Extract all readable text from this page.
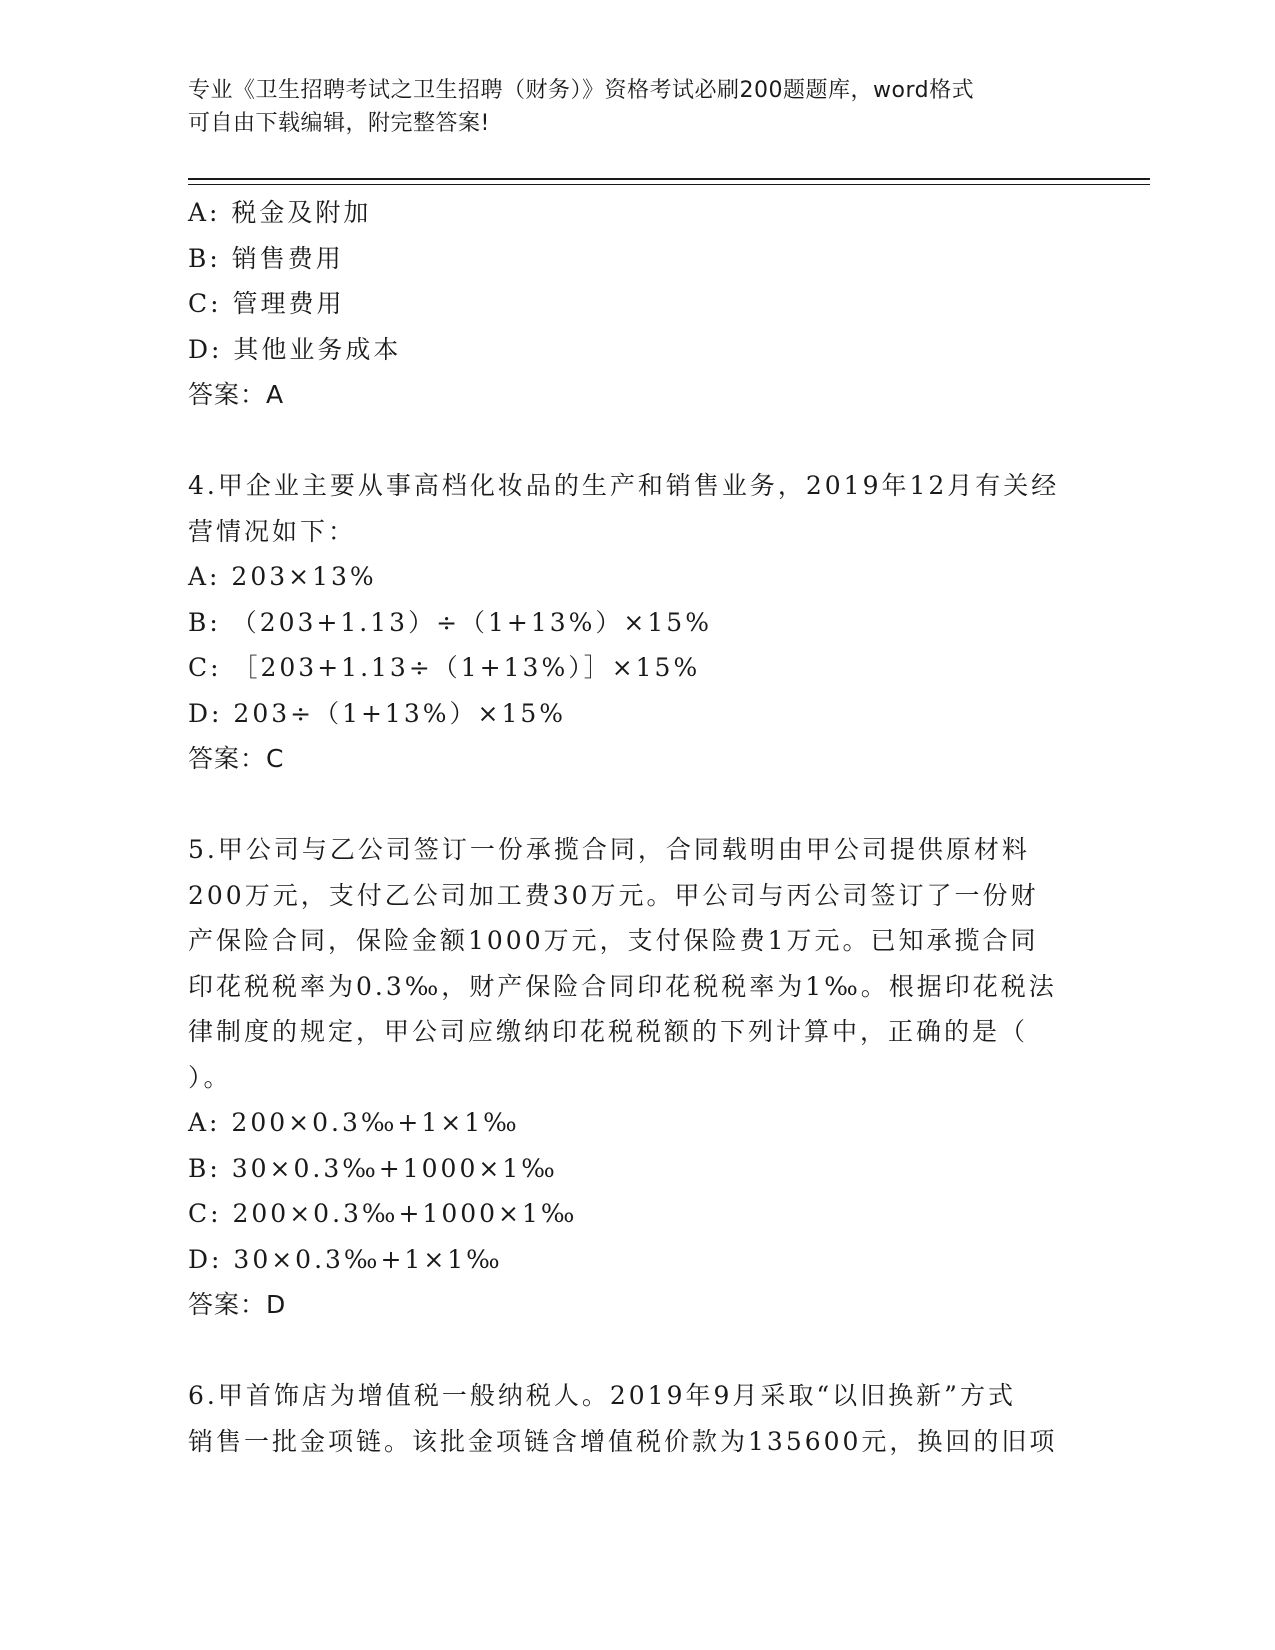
专业《卫生招聘考试之卫生招聘（财务）》资格考试必刷200题题库，word格式
可自由下载编辑，附完整答案!
A: 税金及附加
B: 销售费用
C: 管理费用
D: 其他业务成本
答案：A
4.甲企业主要从事高档化妆品的生产和销售业务，2019年12月有关经
营情况如下：
A: 203×13%
B: （203+1.13）÷（1+13%）×15%
C: ［203+1.13÷（1+13%）］×15%
D: 203÷（1+13%）×15%
答案：C
5.甲公司与乙公司签订一份承揽合同，合同载明由甲公司提供原材料
200万元，支付乙公司加工费30万元。甲公司与丙公司签订了一份财
产保险合同，保险金额1000万元，支付保险费1万元。已知承揽合同
印花税税率为0.3‰，财产保险合同印花税税率为1‰。根据印花税法
律制度的规定，甲公司应缴纳印花税税额的下列计算中，正确的是（
）。
A: 200×0.3‰+1×1‰
B: 30×0.3‰+1000×1‰
C: 200×0.3‰+1000×1‰
D: 30×0.3‰+1×1‰
答案：D
6.甲首饰店为增值税一般纳税人。2019年9月采取“以旧换新”方式
销售一批金项链。该批金项链含增值税价款为135600元，换回的旧项
